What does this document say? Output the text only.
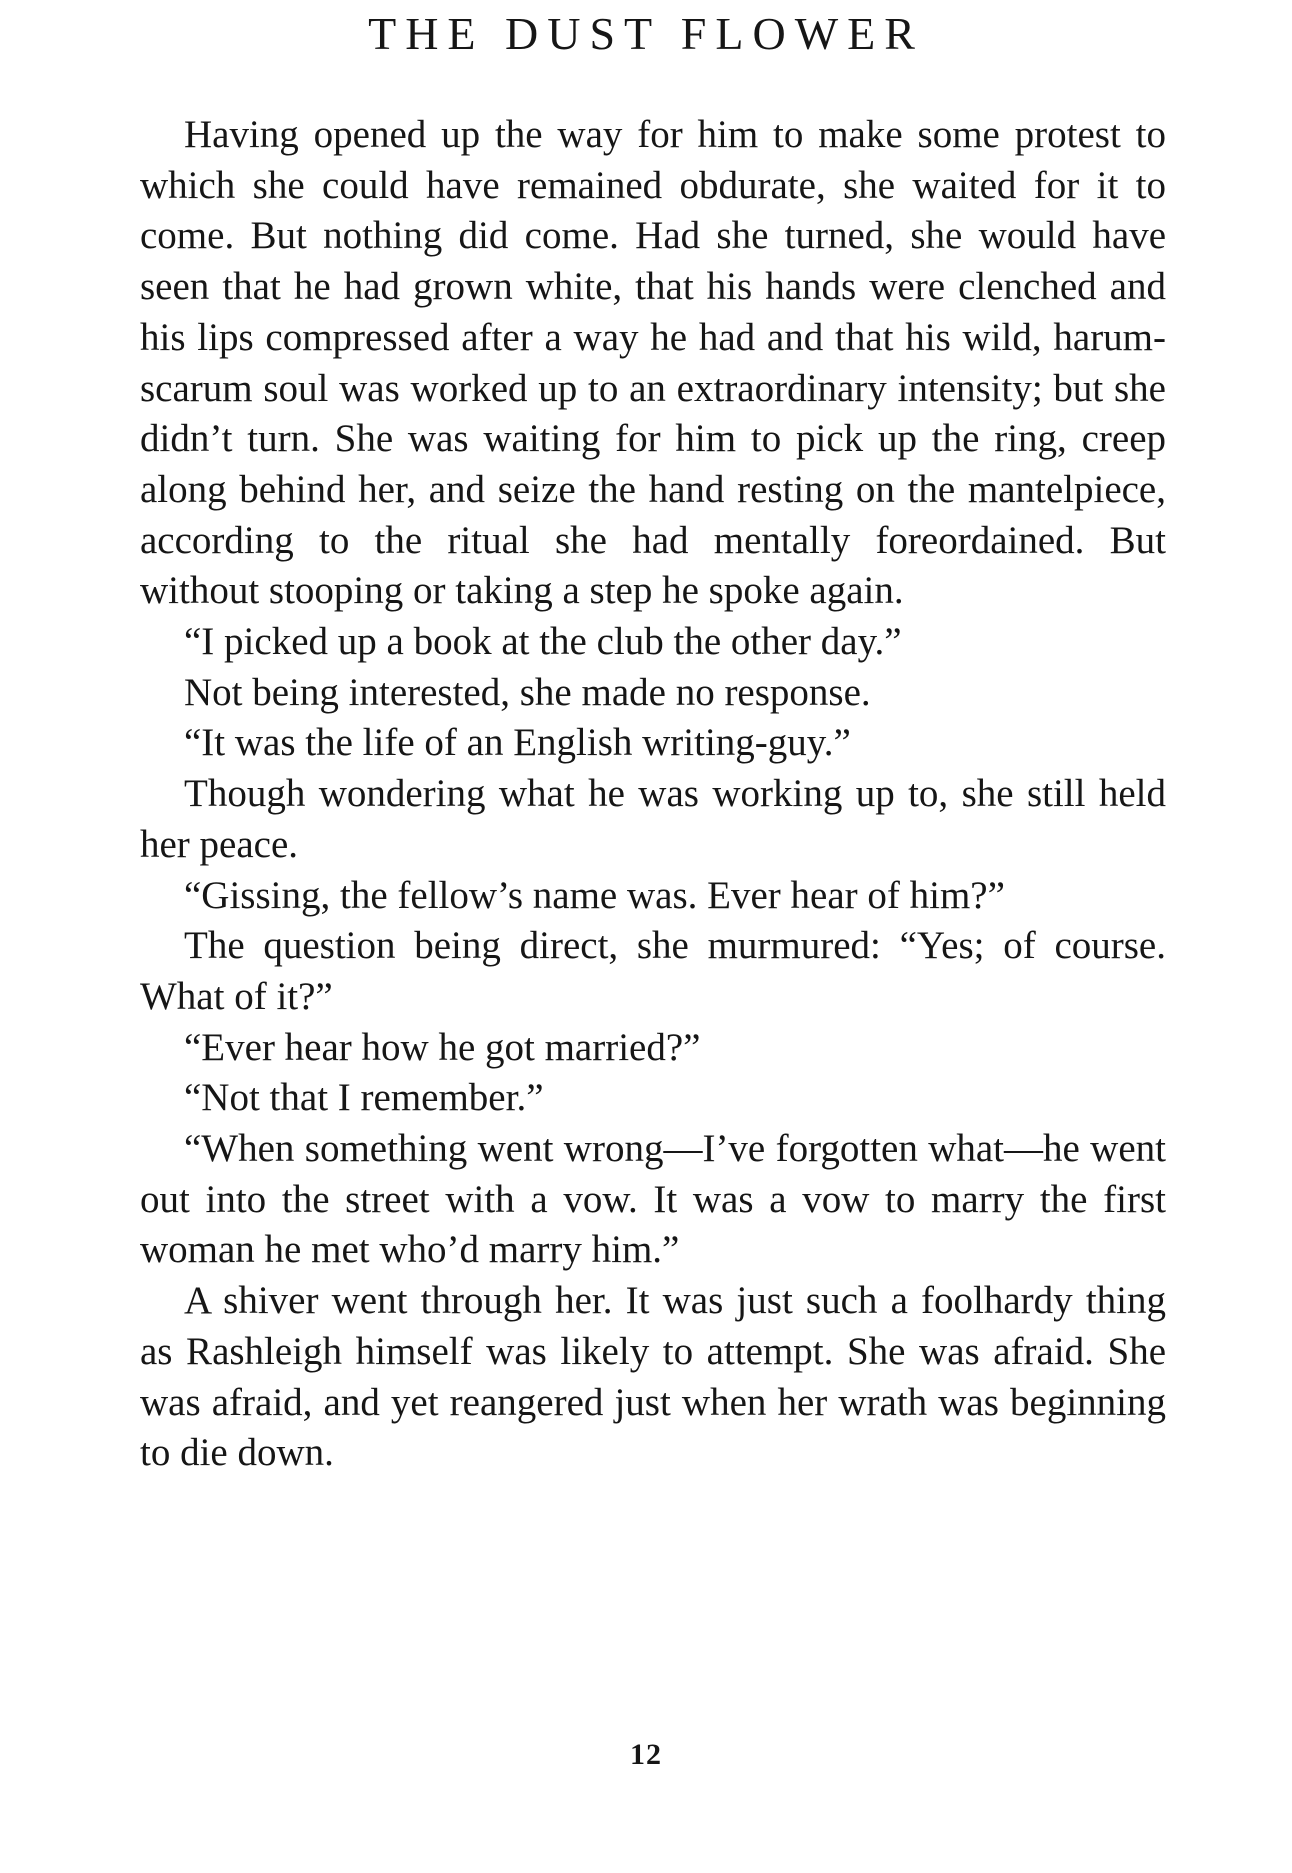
THE DUST FLOWER

Having opened up the way for him to make some protest to which she could have remained obdurate, she waited for it to come. But nothing did come. Had she turned, she would have seen that he had grown white, that his hands were clenched and his lips compressed after a way he had and that his wild, harum-scarum soul was worked up to an extraordinary intensity; but she didn’t turn. She was waiting for him to pick up the ring, creep along behind her, and seize the hand resting on the mantelpiece, according to the ritual she had mentally foreordained. But without stooping or taking a step he spoke again.

“I picked up a book at the club the other day.”

Not being interested, she made no response.

“It was the life of an English writing-guy.”

Though wondering what he was working up to, she still held her peace.

“Gissing, the fellow’s name was. Ever hear of him?”

The question being direct, she murmured: “Yes; of course. What of it?”

“Ever hear how he got married?”

“Not that I remember.”

“When something went wrong—I’ve forgotten what—he went out into the street with a vow. It was a vow to marry the first woman he met who’d marry him.”

A shiver went through her. It was just such a foolhardy thing as Rashleigh himself was likely to attempt. She was afraid. She was afraid, and yet reangered just when her wrath was beginning to die down.

12
